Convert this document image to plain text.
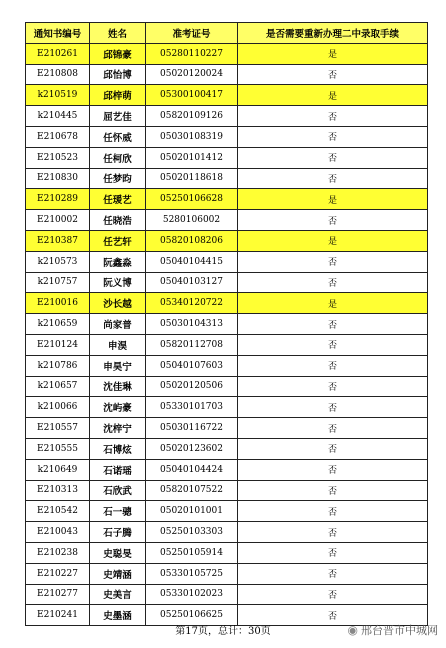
通知书编号	姓名	准考证号	是否需要重新办理二中录取手续
E210261	邱锦豪	05280110227	是
E210808	邱怡博	05020120024	否
k210519	邱梓萌	05300100417	是
k210445	屈艺佳	05820109126	否
E210678	任怀威	05030108319	否
E210523	任柯欣	05020101412	否
E210830	任梦昀	05020118618	否
E210289	任瑗艺	05250106628	是
E210002	任晓浩	5280106002	否
E210387	任艺轩	05820108206	是
k210573	阮鑫淼	05040104415	否
k210757	阮义博	05040103127	否
E210016	沙长越	05340120722	是
k210659	尚家普	05030104313	否
E210124	申淏	05820112708	否
k210786	申昊宁	05040107603	否
k210657	沈佳琳	05020120506	否
k210066	沈屿豪	05330101703	否
E210557	沈梓宁	05030116722	否
E210555	石博炫	05020123602	否
k210649	石诺瑶	05040104424	否
E210313	石欣武	05820107522	否
E210542	石一骢	05020101001	否
E210043	石子腾	05250103303	否
E210238	史聪旻	05250105914	否
E210227	史靖涵	05330105725	否
E210277	史美言	05330102023	否
E210241	史墨涵	05250106625	否
第17页，总计：30页	◉ 邢台晋市中城网
